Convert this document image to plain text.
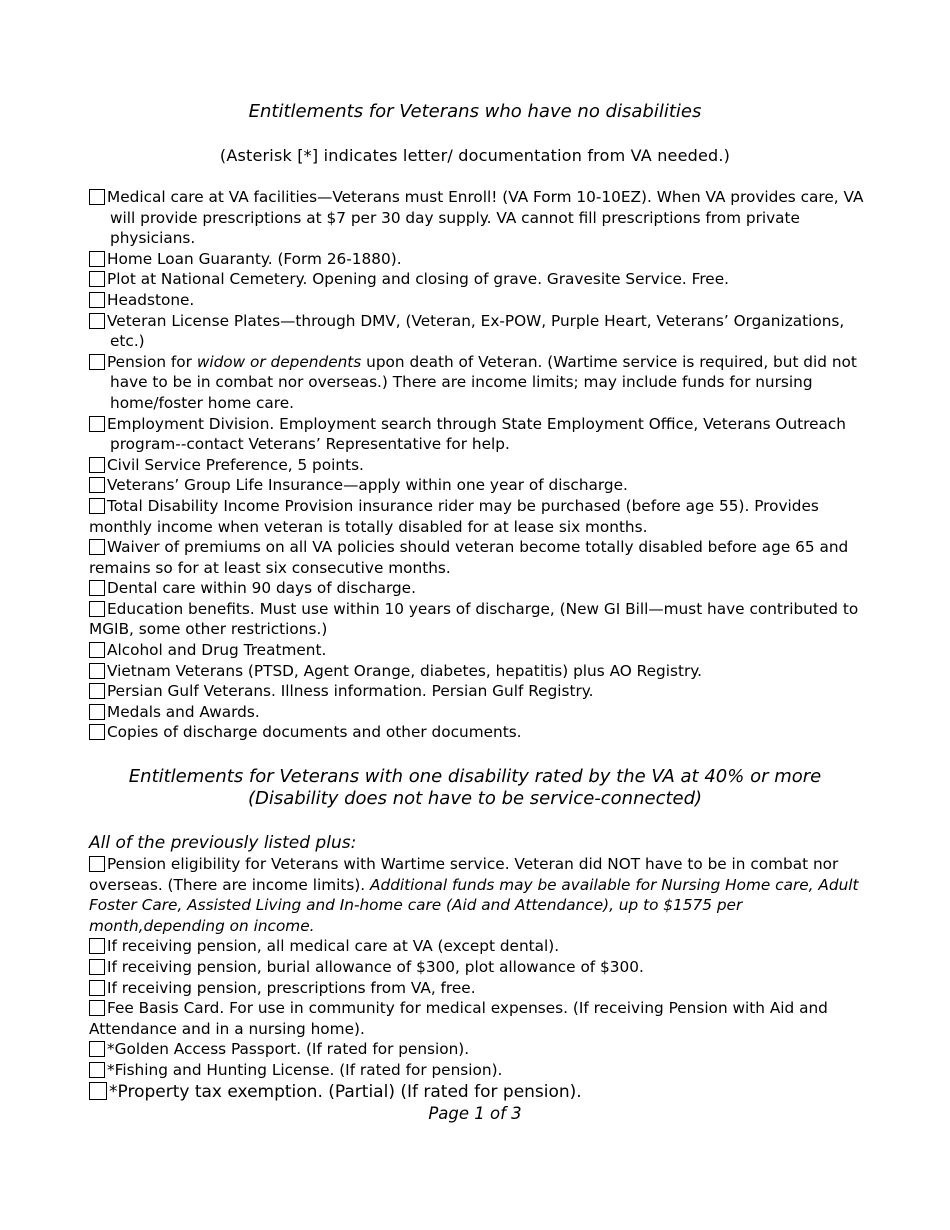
Entitlements for Veterans who have no disabilities
(Asterisk [*] indicates letter/ documentation from VA needed.)
Medical care at VA facilities—Veterans must Enroll! (VA Form 10-10EZ). When VA provides care, VA will provide prescriptions at $7 per 30 day supply. VA cannot fill prescriptions from private physicians.
Home Loan Guaranty. (Form 26-1880).
Plot at National Cemetery. Opening and closing of grave. Gravesite Service. Free.
Headstone.
Veteran License Plates—through DMV, (Veteran, Ex-POW, Purple Heart, Veterans’ Organizations, etc.)
Pension for widow or dependents upon death of Veteran. (Wartime service is required, but did not have to be in combat nor overseas.) There are income limits; may include funds for nursing home/foster home care.
Employment Division. Employment search through State Employment Office, Veterans Outreach program--contact Veterans’ Representative for help.
Civil Service Preference, 5 points.
Veterans’ Group Life Insurance—apply within one year of discharge.
Total Disability Income Provision insurance rider may be purchased (before age 55). Provides monthly income when veteran is totally disabled for at lease six months.
Waiver of premiums on all VA policies should veteran become totally disabled before age 65 and remains so for at least six consecutive months.
Dental care within 90 days of discharge.
Education benefits. Must use within 10 years of discharge, (New GI Bill—must have contributed to MGIB, some other restrictions.)
Alcohol and Drug Treatment.
Vietnam Veterans (PTSD, Agent Orange, diabetes, hepatitis) plus AO Registry.
Persian Gulf Veterans. Illness information. Persian Gulf Registry.
Medals and Awards.
Copies of discharge documents and other documents.
Entitlements for Veterans with one disability rated by the VA at 40% or more
(Disability does not have to be service-connected)
All of the previously listed plus:
Pension eligibility for Veterans with Wartime service. Veteran did NOT have to be in combat nor overseas. (There are income limits). Additional funds may be available for Nursing Home care, Adult Foster Care, Assisted Living and In-home care (Aid and Attendance), up to $1575 per month,depending on income.
If receiving pension, all medical care at VA (except dental).
If receiving pension, burial allowance of $300, plot allowance of $300.
If receiving pension, prescriptions from VA, free.
Fee Basis Card. For use in community for medical expenses. (If receiving Pension with Aid and Attendance and in a nursing home).
*Golden Access Passport. (If rated for pension).
*Fishing and Hunting License. (If rated for pension).
*Property tax exemption. (Partial) (If rated for pension).
Page 1 of 3
